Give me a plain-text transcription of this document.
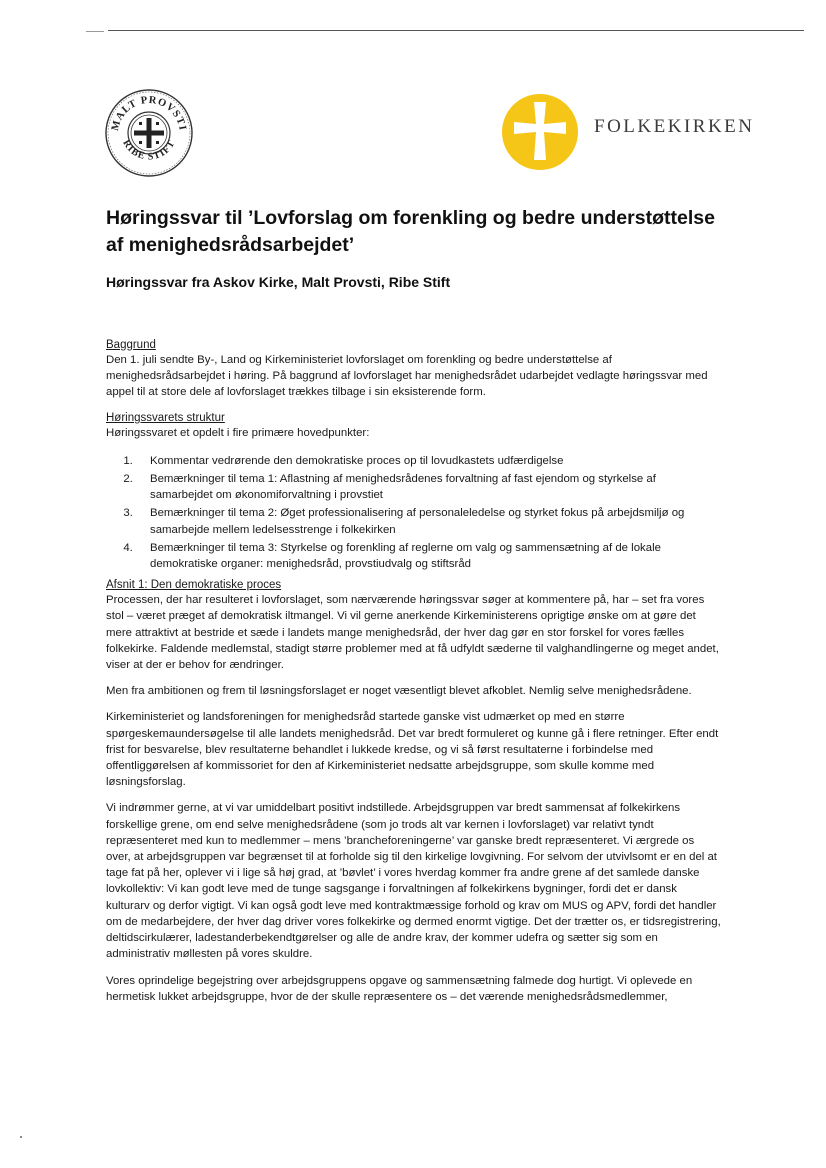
MALT PROVSTI
RIBE STIFT
FOLKEKIRKEN
Høringssvar til ’Lovforslag om forenkling og bedre understøttelse af menighedsrådsarbejdet’
Høringssvar fra Askov Kirke, Malt Provsti, Ribe Stift
Baggrund

Den 1. juli sendte By-, Land og Kirkeministeriet lovforslaget om forenkling og bedre understøttelse af menighedsrådsarbejdet i høring. På baggrund af lovforslaget har menighedsrådet udarbejdet vedlagte høringssvar med appel til at store dele af lovforslaget trækkes tilbage i sin eksisterende form.

Høringssvarets struktur

Høringssvaret et opdelt i fire primære hovedpunkter:

1. Kommentar vedrørende den demokratiske proces op til lovudkastets udfærdigelse
2. Bemærkninger til tema 1: Aflastning af menighedsrådenes forvaltning af fast ejendom og styrkelse af samarbejdet om økonomiforvaltning i provstiet
3. Bemærkninger til tema 2: Øget professionalisering af personaleledelse og styrket fokus på arbejdsmiljø og samarbejde mellem ledelsesstrenge i folkekirken
4. Bemærkninger til tema 3: Styrkelse og forenkling af reglerne om valg og sammensætning af de lokale demokratiske organer: menighedsråd, provstiudvalg og stiftsråd
Afsnit 1: Den demokratiske proces

Processen, der har resulteret i lovforslaget, som nærværende høringssvar søger at kommentere på, har – set fra vores stol – været præget af demokratisk iltmangel. Vi vil gerne anerkende Kirkeministerens oprigtige ønske om at gøre det mere attraktivt at bestride et sæde i landets mange menighedsråd, der hver dag gør en stor forskel for vores fælles folkekirke. Faldende medlemstal, stadigt større problemer med at få udfyldt sæderne til valghandlingerne og meget andet, viser at der er behov for ændringer.

Men fra ambitionen og frem til løsningsforslaget er noget væsentligt blevet afkoblet. Nemlig selve menighedsrådene.

Kirkeministeriet og landsforeningen for menighedsråd startede ganske vist udmærket op med en større spørgeskemaundersøgelse til alle landets menighedsråd. Det var bredt formuleret og kunne gå i flere retninger. Efter endt frist for besvarelse, blev resultaterne behandlet i lukkede kredse, og vi så først resultaterne i forbindelse med offentliggørelsen af kommissoriet for den af Kirkeministeriet nedsatte arbejdsgruppe, som skulle komme med løsningsforslag.

Vi indrømmer gerne, at vi var umiddelbart positivt indstillede. Arbejdsgruppen var bredt sammensat af folkekirkens forskellige grene, om end selve menighedsrådene (som jo trods alt var kernen i lovforslaget) var relativt tyndt repræsenteret med kun to medlemmer – mens ’brancheforeningerne’ var ganske bredt repræsenteret. Vi ærgrede os over, at arbejdsgruppen var begrænset til at forholde sig til den kirkelige lovgivning. For selvom der utvivlsomt er en del at tage fat på her, oplever vi i lige så høj grad, at ’bøvlet’ i vores hverdag kommer fra andre grene af det samlede danske lovkollektiv: Vi kan godt leve med de tunge sagsgange i forvaltningen af folkekirkens bygninger, fordi det er dansk kulturarv og derfor vigtigt. Vi kan også godt leve med kontraktmæssige forhold og krav om MUS og APV, fordi det handler om de medarbejdere, der hver dag driver vores folkekirke og dermed enormt vigtige. Det der trætter os, er tidsregistrering, deltidscirkulærer, ladestanderbekendtgørelser og alle de andre krav, der kommer udefra og sætter sig som en administrativ møllesten på vores skuldre.

Vores oprindelige begejstring over arbejdsgruppens opgave og sammensætning falmede dog hurtigt. Vi oplevede en hermetisk lukket arbejdsgruppe, hvor de der skulle repræsentere os – det værende menighedsrådsmedlemmer,
